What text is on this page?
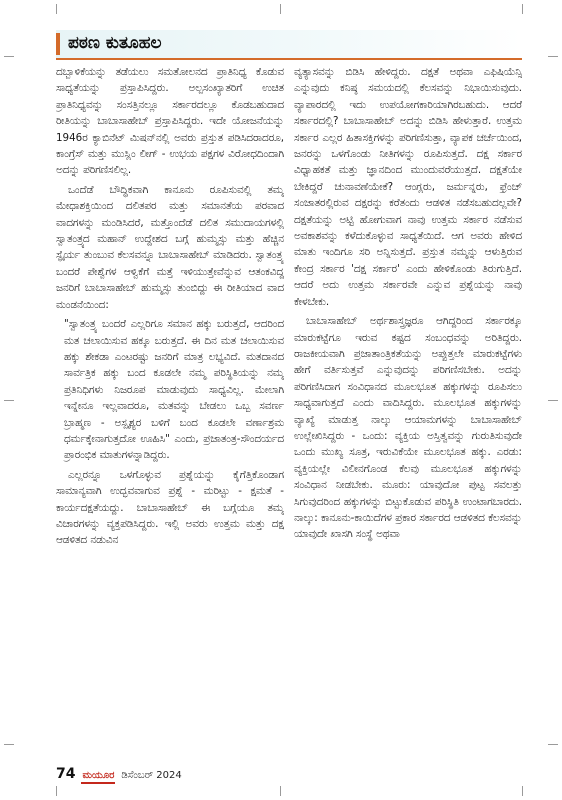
ಪಠಣ ಕುತೂಹಲ

ದಬ್ಬಾಳಿಕೆಯನ್ನು ತಡೆಯಲು ಸಮತೋಲನದ ಪ್ರಾತಿನಿಧ್ಯ ಕೊಡುವ ಸಾಧ್ಯತೆಯನ್ನು ಪ್ರಸ್ತಾಪಿಸಿದ್ದರು. ಅಲ್ಪಸಂಖ್ಯಾತರಿಗೆ ಉಚಿತ ಪ್ರಾತಿನಿಧ್ಯವನ್ನು ಸಂಸತ್ತಿನಲ್ಲೂ ಸರ್ಕಾರದಲ್ಲೂ ಕೊಡಬಹುದಾದ ರೀತಿಯನ್ನು ಬಾಬಾಸಾಹೇಬ್ ಪ್ರಸ್ತಾಪಿಸಿದ್ದರು. ಇದೇ ಯೋಜನೆಯನ್ನು 1946ರ ಕ್ಯಾಬಿನೆಟ್ ಮಿಷನ್‌ನಲ್ಲಿ ಅವರು ಪ್ರಸ್ತುತ ಪಡಿಸಿದರಾದರೂ, ಕಾಂಗ್ರೆಸ್ ಮತ್ತು ಮುಸ್ಲಿಂ ಲೀಗ್ - ಉಭಯ ಪಕ್ಷಗಳ ವಿರೋಧದಿಂದಾಗಿ ಅದನ್ನು ಪರಿಗಣಿಸಲಿಲ್ಲ.

ಒಂದೆಡೆ ಬೌದ್ಧಿಕವಾಗಿ ಕಾನೂನು ರೂಪಿಸುವಲ್ಲಿ ತಮ್ಮ ಮೇಧಾಶಕ್ತಿಯಿಂದ ದಲಿತಪರ ಮತ್ತು ಸಮಾನತೆಯ ಪರವಾದ ವಾದಗಳನ್ನು ಮಂಡಿಸಿದರೆ, ಮತ್ತೊಂದೆಡೆ ದಲಿತ ಸಮುದಾಯಗಳಲ್ಲಿ ಸ್ವಾತಂತ್ರ್ಯದ ಮಹಾನ್ ಉದ್ದೇಶದ ಬಗ್ಗೆ ಹುಮ್ಮಸ್ಸು ಮತ್ತು ಹೆಚ್ಚಿನ ಸ್ಫೈರ್ಯ ತುಂಬುವ ಕೆಲಸವನ್ನೂ ಬಾಬಾಸಾಹೇಬ್ ಮಾಡಿದರು. ಸ್ವಾತಂತ್ರ್ಯ ಬಂದರೆ ಪೇಶ್ವೆಗಳ ಆಳ್ವಿಕೆಗೆ ಮತ್ತೆ ಇಳಿಯುತ್ತೇವೆನ್ನುವ ಆತಂಕವಿದ್ದ ಜನರಿಗೆ ಬಾಬಾಸಾಹೇಬ್ ಹುಮ್ಮಸ್ಸು ತುಂಬಿದ್ದು ಈ ರೀತಿಯಾದ ವಾದ ಮಂಡನೆಯಿಂದ:

"ಸ್ವಾತಂತ್ರ್ಯ ಬಂದರೆ ಎಲ್ಲರಿಗೂ ಸಮಾನ ಹಕ್ಕು ಬರುತ್ತದೆ, ಆದರಿಂದ ಮತ ಚಲಾಯಿಸುವ ಹಕ್ಕೂ ಬರುತ್ತದೆ. ಈ ದಿನ ಮತ ಚಲಾಯಿಸುವ ಹಕ್ಕು ಶೇಕಡಾ ಎಂಟರಷ್ಟು ಜನರಿಗೆ ಮಾತ್ರ ಲಭ್ಯವಿದೆ. ಮತದಾನದ ಸಾರ್ವತ್ರಿಕ ಹಕ್ಕು ಬಂದ ಕೂಡಲೇ ನಮ್ಮ ಪರಿಸ್ಥಿತಿಯನ್ನು ನಮ್ಮ ಪ್ರತಿನಿಧಿಗಳು ನಿಜರೂಪ ಮಾಡುವುದು ಸಾಧ್ಯವಿಲ್ಲ. ಮೇಲಾಗಿ ಇನ್ನೇನೂ ಇಲ್ಲವಾದರೂ, ಮತವನ್ನು ಬೇಡಲು ಒಬ್ಬ ಸವರ್ಣ ಬ್ರಾಹ್ಮಣ - ಅಸ್ಪೃಶ್ಯರ ಬಳಿಗೆ ಬಂದ ಕೂಡಲೇ ವರ್ಣಾಶ್ರಮ ಧರ್ಮಕ್ಕೇನಾಗುತ್ತದೋ ಊಹಿಸಿ" ಎಂದು, ಪ್ರಜಾತಂತ್ರ-ಸೌಂದರ್ಯದ ಪ್ರಾರಂಭಿಕ ಮಾತುಗಳನ್ನಾಡಿದ್ದರು.

ಎಲ್ಲರನ್ನೂ ಒಳಗೊಳ್ಳುವ ಪ್ರಶ್ನೆಯನ್ನು ಕೈಗೆತ್ತಿಕೊಂಡಾಗ ಸಾಮಾನ್ಯವಾಗಿ ಉದ್ಭವವಾಗುವ ಪ್ರಶ್ನೆ - ಮರಿಟ್ಟು - ಕ್ಷಮತೆ - ಕಾರ್ಯದಕ್ಷತೆಯದ್ದು. ಬಾಬಾಸಾಹೇಬ್ ಈ ಬಗ್ಗೆಯೂ ತಮ್ಮ ವಿಚಾರಗಳನ್ನು ವ್ಯಕ್ತಪಡಿಸಿದ್ದರು. ಇಲ್ಲಿ ಅವರು ಉತ್ತಮ ಮತ್ತು ದಕ್ಷ ಆಡಳಿತದ ನಡುವಿನ

ವ್ಯತ್ಯಾಸವನ್ನು ಬಿಡಿಸಿ ಹೇಳಿದ್ದರು. ದಕ್ಷತೆ ಅಥವಾ ಎಫಿಷಿಯೆನ್ಸಿ ಎನ್ನುವುದು ಕನಿಷ್ಠ ಸಮಯದಲ್ಲಿ ಕೆಲಸವನ್ನು ನಿಭಾಯಿಸುವುದು. ವ್ಯಾಪಾರದಲ್ಲಿ ಇದು ಉಪಯೋಗಕಾರಿಯಾಗಿರಬಹುದು. ಆದರೆ ಸರ್ಕಾರದಲ್ಲಿ? ಬಾಬಾಸಾಹೇಬ್ ಅದನ್ನು ಬಿಡಿಸಿ ಹೇಳುತ್ತಾರೆ. ಉತ್ತಮ ಸರ್ಕಾರ ಎಲ್ಲರ ಹಿತಾಸಕ್ತಿಗಳನ್ನು ಪರಿಗಣಿಸುತ್ತಾ, ವ್ಯಾಪಕ ಚರ್ಚೆಯಿಂದ, ಜನರನ್ನು ಒಳಗೊಂಡು ನೀತಿಗಳನ್ನು ರೂಪಿಸುತ್ತದೆ. ದಕ್ಷ ಸರ್ಕಾರ ವಿಧ್ವಾಹಕತೆ ಮತ್ತು ಜ್ಞಾನದಿಂದ ಮುಂದುವರೆಯುತ್ತದೆ. ದಕ್ಷತೆಯೇ ಬೇಕಿದ್ದರೆ ಚುನಾವಣೆಯೇಕೆ? ಆಂಗ್ಲರು, ಜರ್ಮನ್ನರು, ಫ್ರೆಂಚ್ ಸಂಜಾತರಲ್ಲಿರುವ ದಕ್ಷರನ್ನು ಕರೆತಂದು ಆಡಳಿತ ನಡೆಸಬಹುದಲ್ಲವೇ? ದಕ್ಷತೆಯನ್ನು ಅಟ್ಟಿ ಹೋಗುವಾಗ ನಾವು ಉತ್ತಮ ಸರ್ಕಾರ ನಡೆಸುವ ಅವಕಾಶವನ್ನು ಕಳೆದುಕೊಳ್ಳುವ ಸಾಧ್ಯತೆಯಿದೆ. ಆಗ ಅವರು ಹೇಳಿದ ಮಾತು ಇಂದಿಗೂ ಸರಿ ಅನ್ನಿಸುತ್ತದೆ. ಪ್ರಸ್ತುತ ನಮ್ಮನ್ನು ಆಳುತ್ತಿರುವ ಕೇಂದ್ರ ಸರ್ಕಾರ 'ದಕ್ಷ ಸರ್ಕಾರ' ಎಂದು ಹೇಳಿಕೊಂಡು ತಿರುಗುತ್ತಿದೆ. ಆದರೆ ಅದು ಉತ್ತಮ ಸರ್ಕಾರವೇ ಎನ್ನುವ ಪ್ರಶ್ನೆಯನ್ನು ನಾವು ಕೇಳಬೇಕು.

ಬಾಬಾಸಾಹೇಬ್ ಅರ್ಥಶಾಸ್ತ್ರಜ್ಞರೂ ಆಗಿದ್ದರಿಂದ ಸರ್ಕಾರಕ್ಕೂ ಮಾರುಕಟ್ಟೆಗೂ ಇರುವ ಕಷ್ಟದ ಸಂಬಂಧವನ್ನು ಅರಿತಿದ್ದರು. ರಾಜಕೀಯವಾಗಿ ಪ್ರಜಾತಾಂತ್ರಿಕತೆಯನ್ನು ಅಪ್ಪುತ್ತಲೇ ಮಾರುಕಟ್ಟೆಗಳು ಹೇಗೆ ವರ್ತಿಸುತ್ತವೆ ಎನ್ನುವುದನ್ನು ಪರಿಗಣಿಸಬೇಕು. ಅದನ್ನು ಪರಿಗಣಿಸಿದಾಗ ಸಂವಿಧಾನದ ಮೂಲಭೂತ ಹಕ್ಕುಗಳನ್ನು ರೂಪಿಸಲು ಸಾಧ್ಯವಾಗುತ್ತದೆ ಎಂದು ವಾದಿಸಿದ್ದರು. ಮೂಲಭೂತ ಹಕ್ಕುಗಳನ್ನು ವ್ಯಾಖ್ಯೆ ಮಾಡುತ್ತ ನಾಲ್ಕು ಆಯಾಮಗಳನ್ನು ಬಾಬಾಸಾಹೇಬ್ ಉಲ್ಲೇಖಿಸಿದ್ದರು - ಒಂದು: ವ್ಯಕ್ತಿಯ ಅಸ್ತಿತ್ವವನ್ನು ಗುರುತಿಸುವುದೇ ಒಂದು ಮುಖ್ಯ ಸೂತ್ರ, ಇರುವಿಕೆಯೇ ಮೂಲಭೂತ ಹಕ್ಕು. ಎರಡು: ವ್ಯಕ್ತಿಯಲ್ಲೇ ವಿಲೀನಗೊಂಡ ಕೆಲವು ಮೂಲಭೂತ ಹಕ್ಕುಗಳನ್ನು ಸಂವಿಧಾನ ನೀಡಬೇಕು. ಮೂರು: ಯಾವುದೋ ಪುಟ್ಟ ಸವಲತ್ತು ಸಿಗುವುದರಿಂದ ಹಕ್ಕುಗಳನ್ನು ಬಿಟ್ಟುಕೊಡುವ ಪರಿಸ್ಥಿತಿ ಉಂಟಾಗಬಾರದು. ನಾಲ್ಕು: ಕಾನೂನು-ಕಾಯಿದೆಗಳ ಪ್ರಕಾರ ಸರ್ಕಾರದ ಆಡಳಿತದ ಕೆಲಸವನ್ನು ಯಾವುದೇ ಖಾಸಗಿ ಸಂಸ್ಥೆ ಅಥವಾ

74 ಮಯೂರ ಡಿಸೆಂಬರ್ 2024
